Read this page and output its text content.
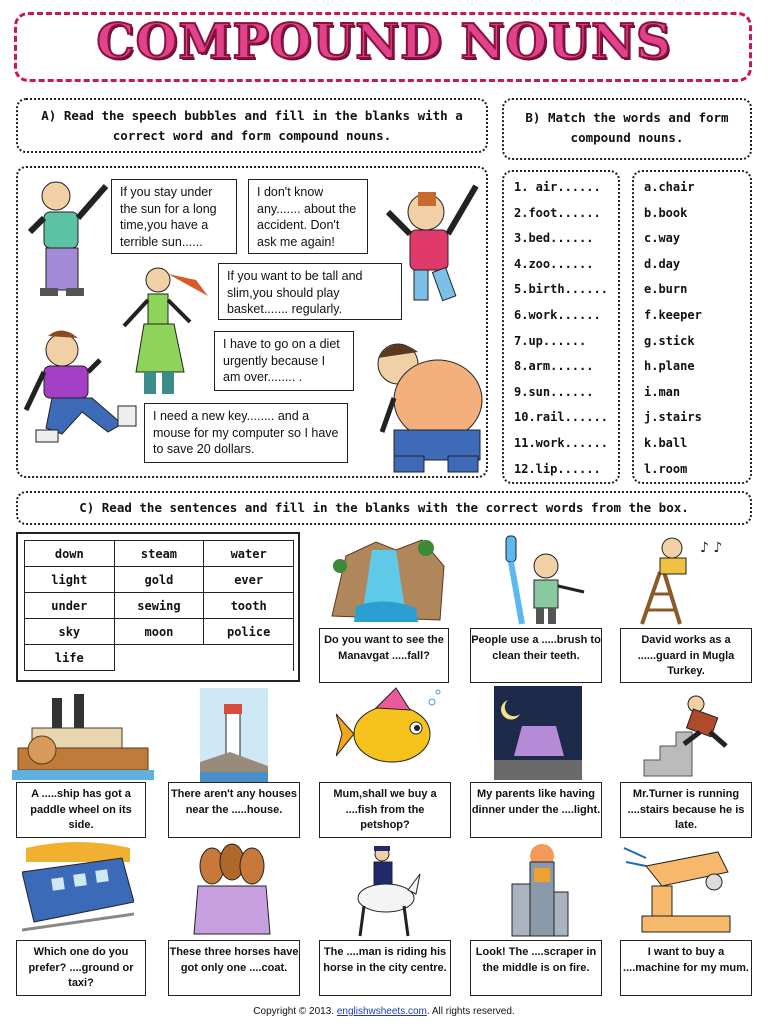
COMPOUND NOUNS
A) Read the speech bubbles and fill in the blanks with a correct word and form compound nouns.
If you stay under the sun for a long time,you have a terrible sun......
I don't know any....... about the accident. Don't ask me again!
If you want to be tall and slim,you should play basket....... regularly.
I have to go on a diet urgently because I am over........ .
I need a new key........ and a mouse for my computer so I have to save 20 dollars.
B) Match the words and form compound nouns.
1. air......
2.foot......
3.bed......
4.zoo......
5.birth......
6.work......
7.up......
8.arm......
9.sun......
10.rail......
11.work......
12.lip......
a.chair
b.book
c.way
d.day
e.burn
f.keeper
g.stick
h.plane
i.man
j.stairs
k.ball
l.room
C) Read the sentences and fill in the blanks with the correct words from the box.
down	steam	water
light	gold	ever
under	sewing	tooth
sky	moon	police
life		
♪ ♪
Do you want to see the Manavgat .....fall?
People use a .....brush to clean their teeth.
David works as a ......guard in Mugla Turkey.
A .....ship has got a paddle wheel on its side.
There aren't any houses near the .....house.
Mum,shall we buy a ....fish from the petshop?
My parents like having dinner under the ....light.
Mr.Turner is running ....stairs because he is late.
Which one do you prefer? ....ground or taxi?
These three horses have got only one ....coat.
The ....man is riding his horse in the city centre.
Look! The ....scraper in the middle is on fire.
I want to buy a ....machine for my mum.
Copyright © 2013. englishwsheets.com. All rights reserved.
